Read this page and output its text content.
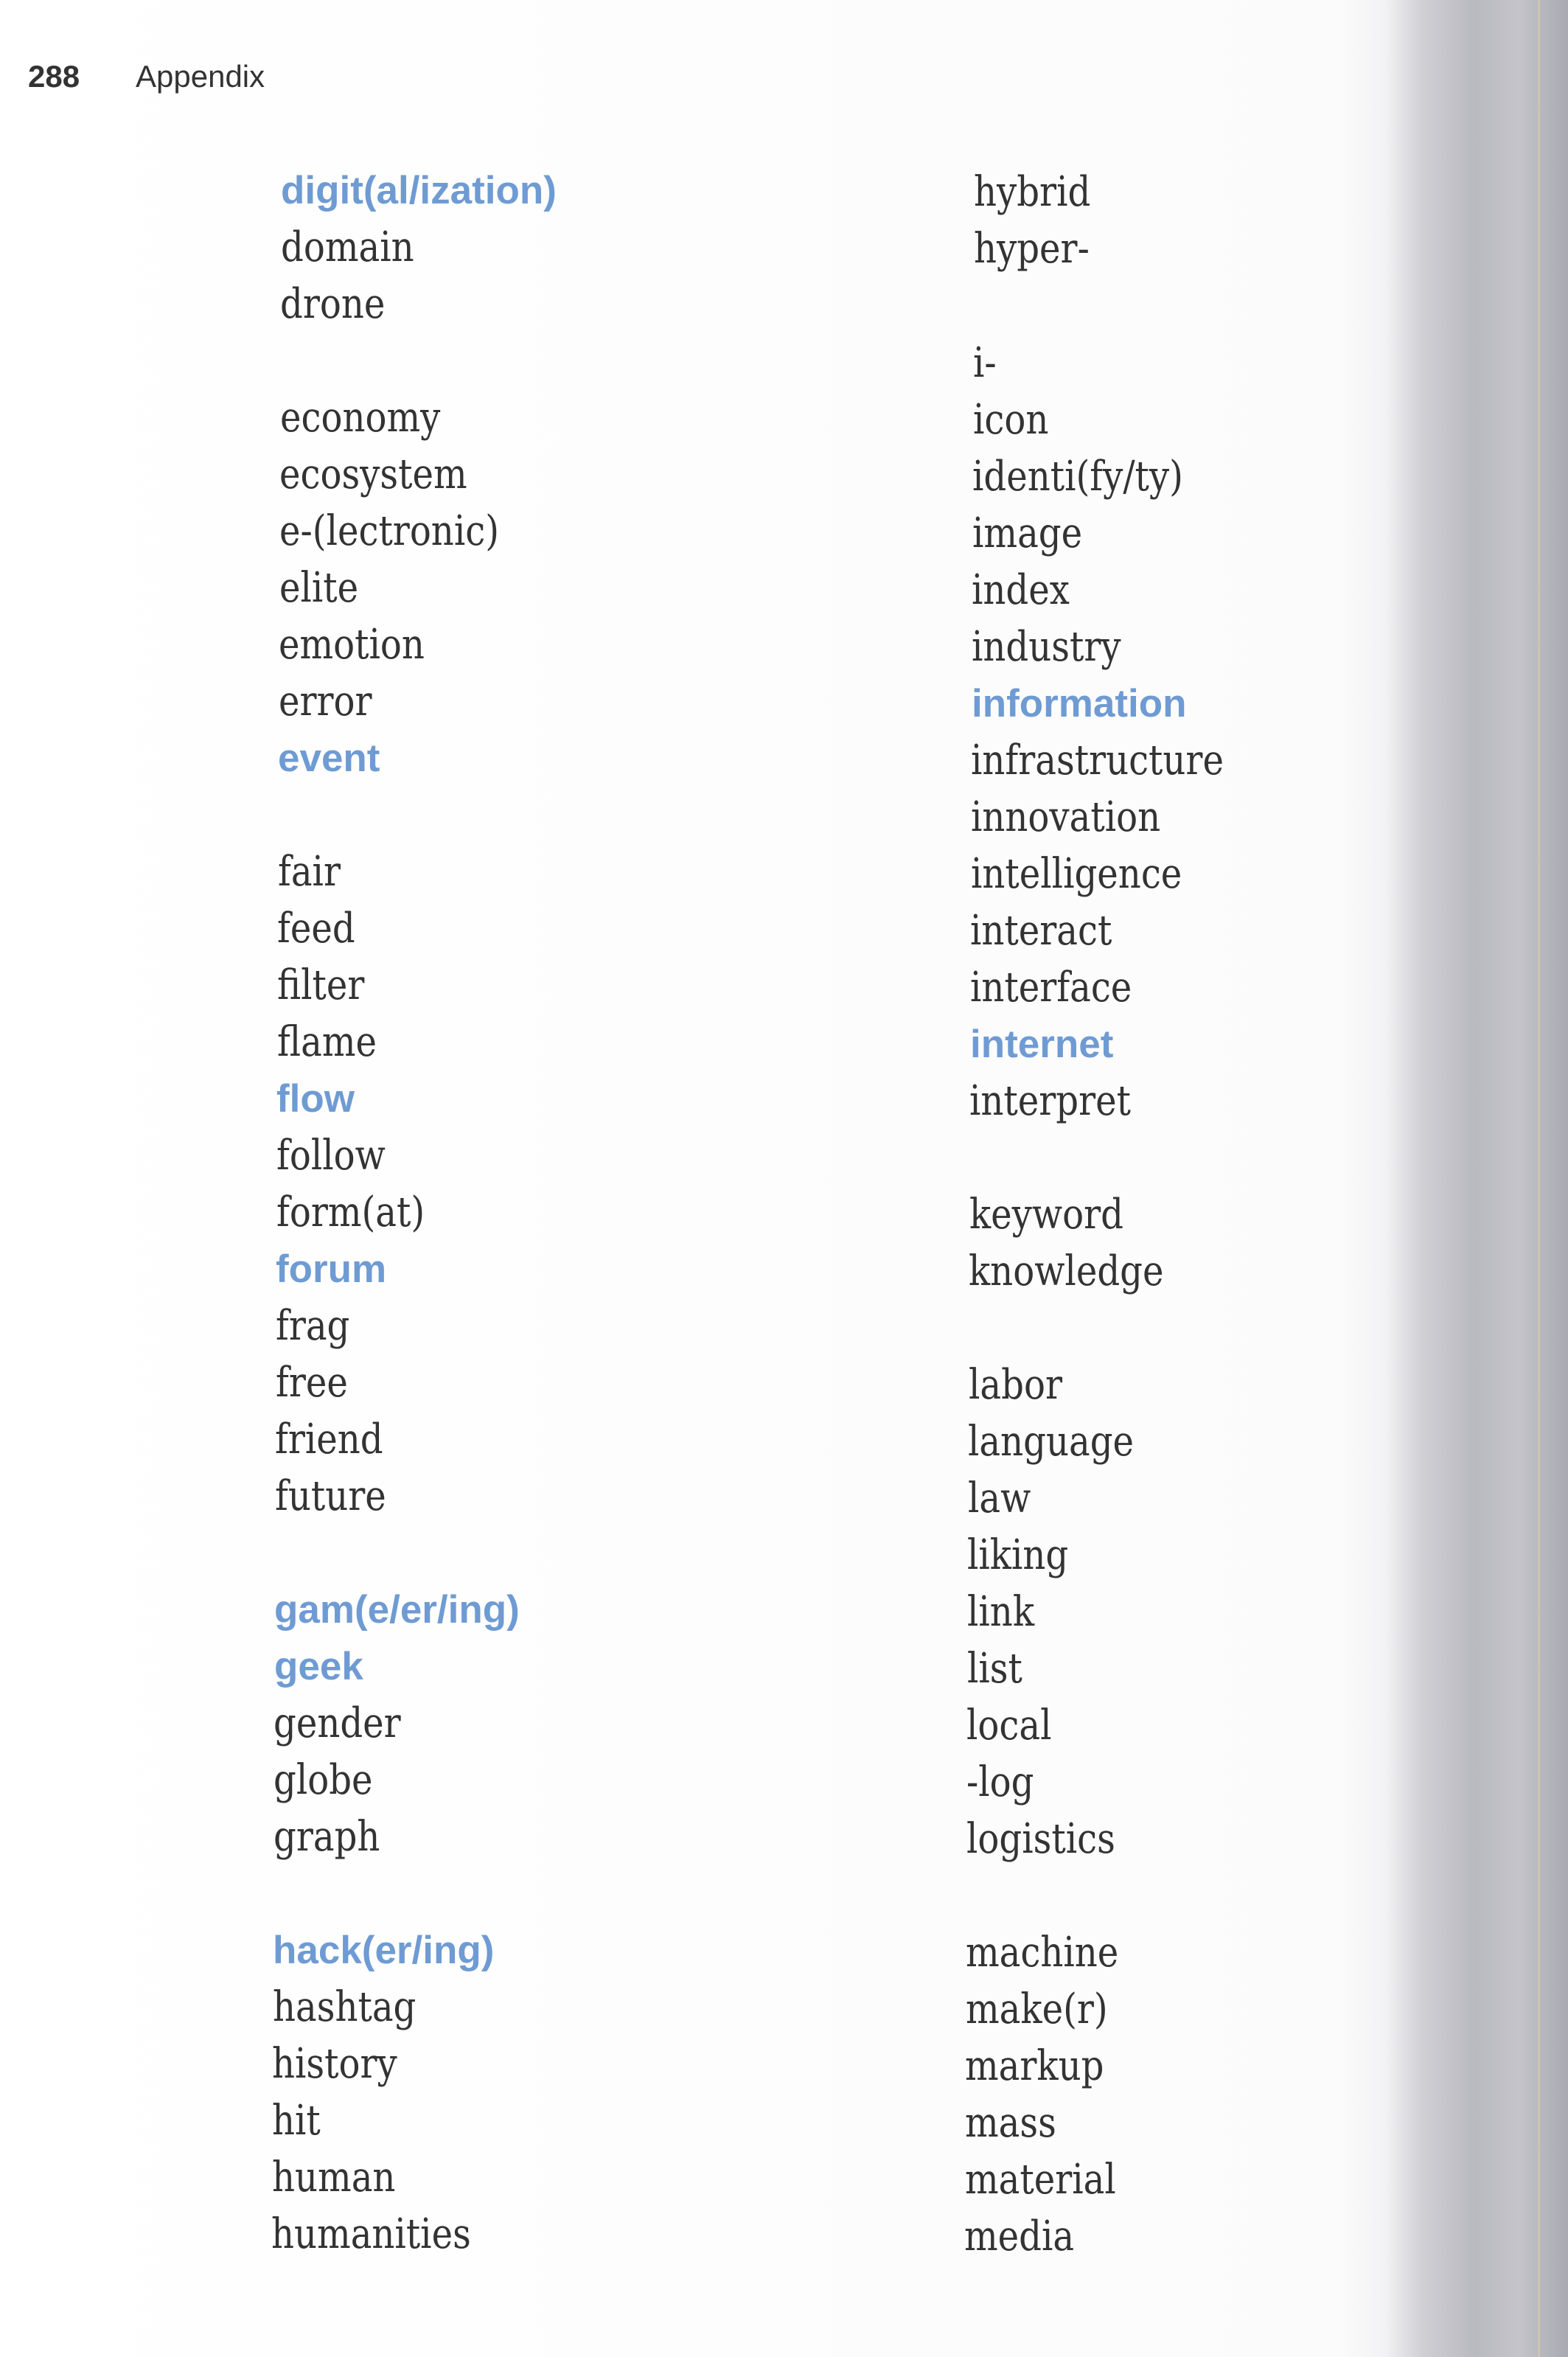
288 Appendix
digit(al/ization)
domain
drone
economy
ecosystem
e-(lectronic)
elite
emotion
error
event
fair
feed
filter
flame
flow
follow
form(at)
forum
frag
free
friend
future
gam(e/er/ing)
geek
gender
globe
graph
hack(er/ing)
hashtag
history
hit
human
humanities
hybrid
hyper-
i-
icon
identi(fy/ty)
image
index
industry
information
infrastructure
innovation
intelligence
interact
interface
internet
interpret
keyword
knowledge
labor
language
law
liking
link
list
local
-log
logistics
machine
make(r)
markup
mass
material
media
